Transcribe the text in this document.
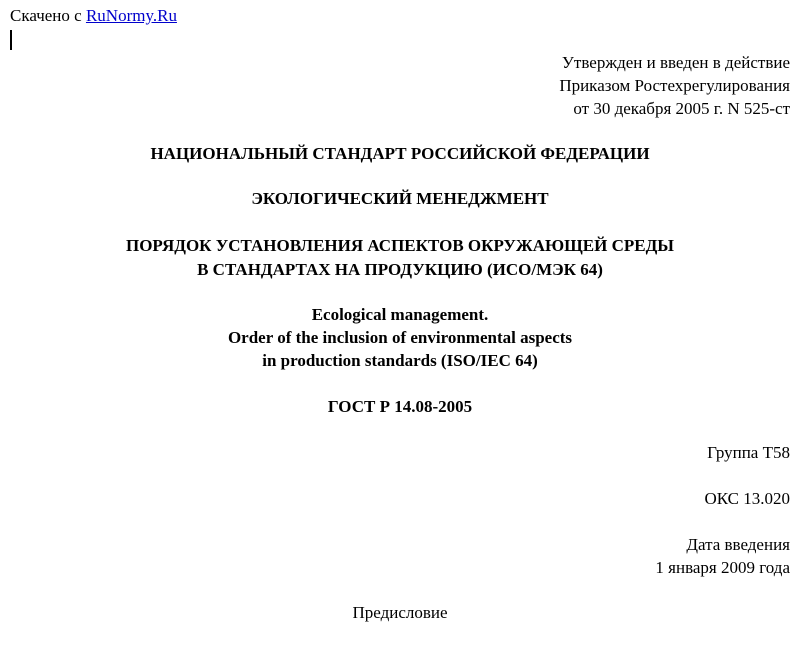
Скачено с RuNormy.Ru
Утвержден и введен в действие
Приказом Ростехрегулирования
от 30 декабря 2005 г. N 525-ст
НАЦИОНАЛЬНЫЙ СТАНДАРТ РОССИЙСКОЙ ФЕДЕРАЦИИ
ЭКОЛОГИЧЕСКИЙ МЕНЕДЖМЕНТ
ПОРЯДОК УСТАНОВЛЕНИЯ АСПЕКТОВ ОКРУЖАЮЩЕЙ СРЕДЫ
В СТАНДАРТАХ НА ПРОДУКЦИЮ (ИСО/МЭК 64)
Ecological management.
Order of the inclusion of environmental aspects
in production standards (ISO/IEC 64)
ГОСТ Р 14.08-2005
Группа Т58
ОКС 13.020
Дата введения
1 января 2009 года
Предисловие
